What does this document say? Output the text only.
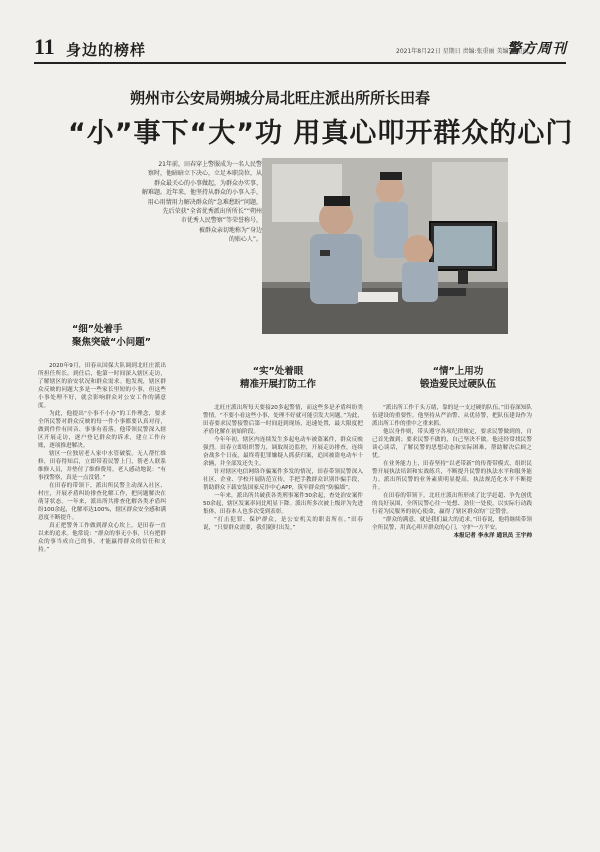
11 身边的榜样	2021年8月22日 星期日 责编:张重丽 美编:张重丽
警方周刊
朔州市公安局朔城分局北旺庄派出所所长田春
“小”事下“大”功 用真心叩开群众的心门
21年前，田春穿上警服成为一名人民警
察时，他暗暗立下决心，立足本职岗位，从
群众最关心的小事做起，为群众办实事、
解难题。近年来，他坚持从群众的小事入手，
用心用情用力解决群众的“急难愁盼”问题，
先后荣获“全省优秀派出所所长”“朔州
市优秀人民警察”等荣誉称号，
被群众亲切地称为“身边
的贴心人”。
“细”处着手
聚焦突破“小问题”
“实”处着眼
精准开展打防工作
“情”上用功
锻造爱民过硬队伍

2020年9月，田春从国保大队调到北旺庄派出所担任所长。到任后，他第一时间深入辖区走访，了解辖区的治安状况和群众需求。他发现，辖区群众反映的问题大多是一些家长里短的小事，但这些小事处理不好，就会影响群众对公安工作的满意度。

为此，他提出“小事不小办”的工作理念，要求全所民警对群众反映的每一件小事都要认真对待，做到件件有回音、事事有着落。他带领民警深入辖区开展走访，逐户登记群众的诉求，建立工作台账，逐项推进解决。

辖区一位独居老人家中水管破裂，无人帮忙维修，田春得知后，立即带着民警上门，帮老人联系维修人员，并垫付了维修费用。老人感动地说：“有事找警察，真是一点没错。”

在田春的带领下，派出所民警主动深入社区、村庄，开展矛盾纠纷排查化解工作，把问题解决在萌芽状态。一年来，派出所共排查化解各类矛盾纠纷100余起，化解率达100%，辖区群众安全感和满意度不断提升。

真正把警务工作做到群众心坎上，是田春一直以来的追求。他常说：“群众的事无小事，只有把群众的事当成自己的事，才能赢得群众的信任和支持。”

北旺庄派出所每天要接20多起警情，而这些多是矛盾纠纷类警情。“不要小看这些小事，处理不好就可能引发大问题。”为此，田春要求民警接警后第一时间赶到现场，迅速处置，最大限度把矛盾化解在初始阶段。

今年年初，辖区内连续发生多起电动车被盗案件，群众反映强烈。田春立即组织警力，调取周边监控，开展走访排查，连续奋战多个日夜，最终将犯罪嫌疑人抓获归案，追回被盗电动车十余辆，并全部发还失主。

针对辖区电信网络诈骗案件多发的情况，田春带领民警深入社区、企业、学校开展防范宣传，手把手教群众识别诈骗手段，帮助群众下载安装国家反诈中心APP，筑牢群众的“防骗墙”。

一年来，派出所共破获各类刑事案件30余起，查处治安案件50余起，辖区发案率同比明显下降。派出所多次被上级评为先进集体，田春本人也多次受到表彰。

“打击犯罪、保护群众，是公安机关的职责所在。”田春说，“只要群众需要，我们随时出发。”

“派出所工作千头万绪，靠的是一支过硬的队伍。”田春深知队伍建设的重要性。他坚持从严治警、从优待警，把队伍建设作为派出所工作的重中之重来抓。

他以身作则，带头遵守各项纪律规定，要求民警做到的，自己首先做到；要求民警不做的，自己坚决不做。他还经常找民警谈心谈话，了解民警的思想动态和实际困难，帮助解决后顾之忧。

在业务能力上，田春坚持“以老带新”的传帮带模式，组织民警开展执法培训和实战练兵，不断提升民警的执法水平和服务能力。派出所民警的业务素质明显提高，执法规范化水平不断提升。

在田春的带领下，北旺庄派出所形成了比学赶超、争先创优的良好氛围，全所民警心往一处想、劲往一处使，以实际行动践行着为民服务的初心使命，赢得了辖区群众的广泛赞誉。

“群众的满意，就是我们最大的追求。”田春说，他将继续带领全所民警，用真心叩开群众的心门，守护一方平安。

本报记者 李永洋 通讯员 王宇帅
